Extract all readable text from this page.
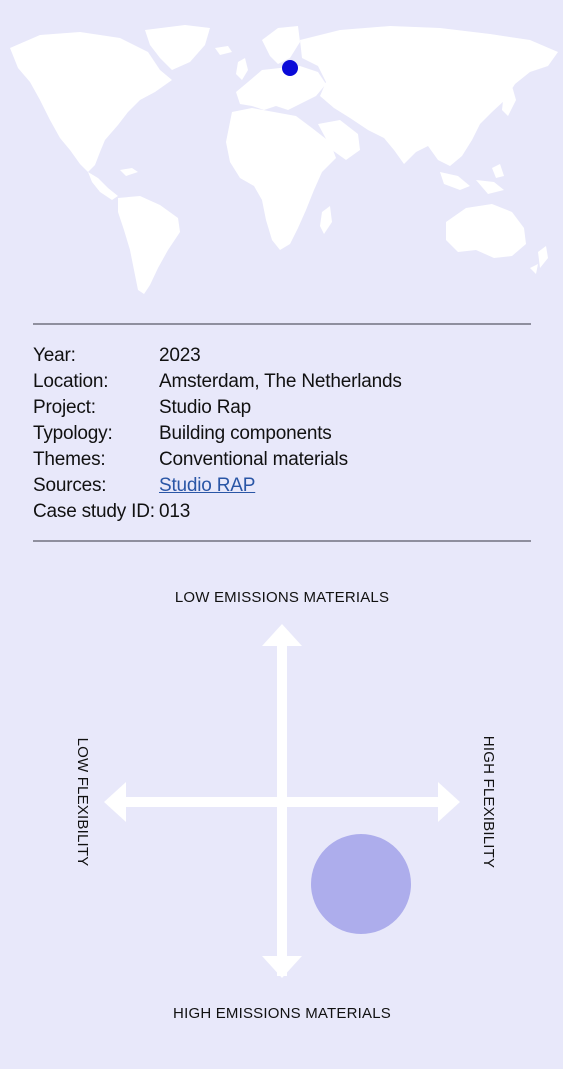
Year:	2023
Location:	Amsterdam, The Netherlands
Project:	Studio Rap
Typology:	Building components
Themes:	Conventional materials
Sources:	Studio RAP
Case study ID: 013
LOW EMISSIONS MATERIALS
HIGH EMISSIONS MATERIALS
LOW FLEXIBILITY	HIGH FLEXIBILITY
